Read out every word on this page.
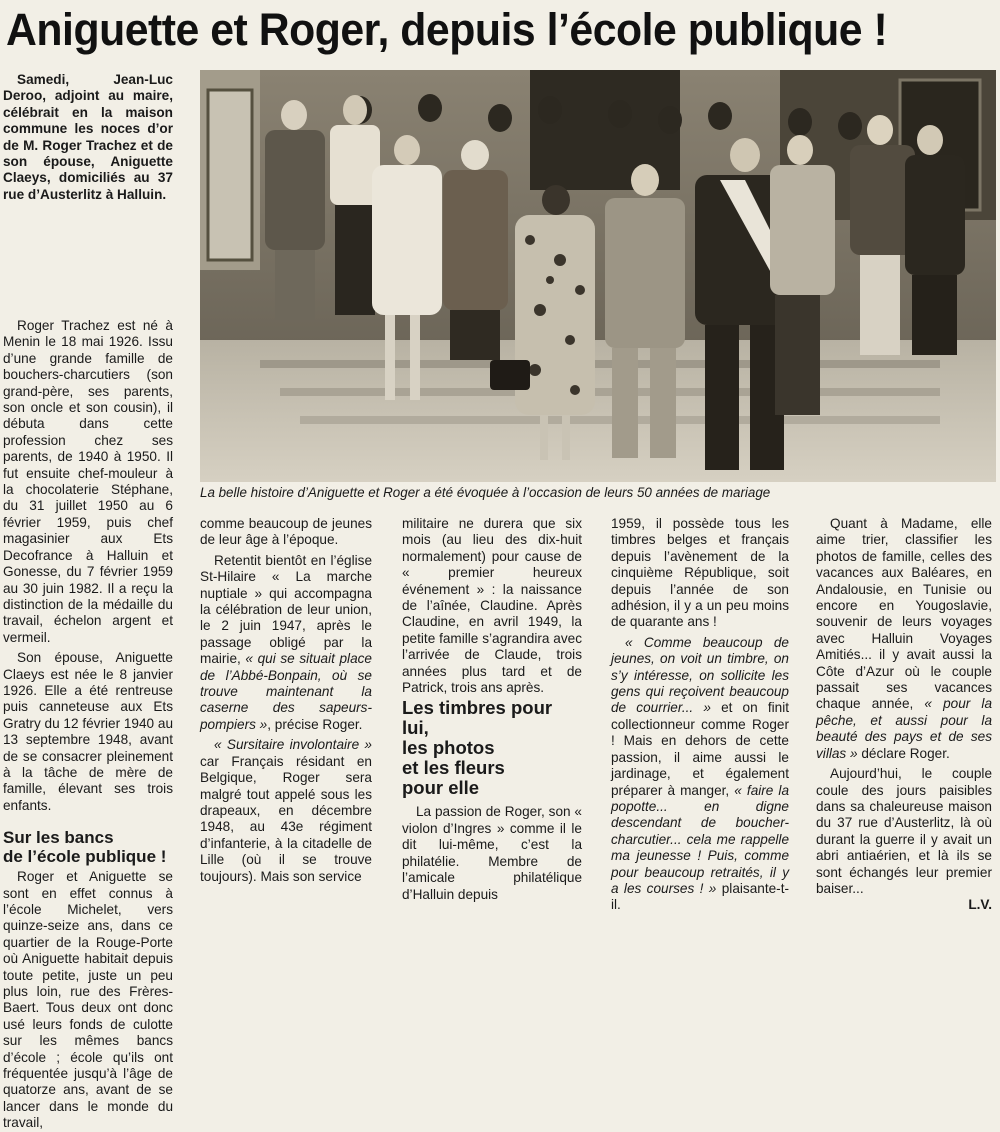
Aniguette et Roger, depuis l’école publique !

Samedi, Jean-Luc Deroo, adjoint au maire, célébrait en la maison commune les noces d’or de M. Roger Trachez et de son épouse, Aniguette Claeys, domiciliés au 37 rue d’Austerlitz à Halluin.

La belle histoire d’Aniguette et Roger a été évoquée à l’occasion de leurs 50 années de mariage

Roger Trachez est né à Menin le 18 mai 1926. Issu d’une grande famille de bouchers-charcutiers (son grand-père, ses parents, son oncle et son cousin), il débuta dans cette profession chez ses parents, de 1940 à 1950. Il fut ensuite chef-mouleur à la chocolaterie Stéphane, du 31 juillet 1950 au 6 février 1959, puis chef magasinier aux Ets Decofrance à Halluin et Gonesse, du 7 février 1959 au 30 juin 1982. Il a reçu la distinction de la médaille du travail, échelon argent et vermeil.

Son épouse, Aniguette Claeys est née le 8 janvier 1926. Elle a été rentreuse puis canneteuse aux Ets Gratry du 12 février 1940 au 13 septembre 1948, avant de se consacrer pleinement à la tâche de mère de famille, élevant ses trois enfants.

Sur les bancs
de l’école publique !

Roger et Aniguette se sont en effet connus à l’école Michelet, vers quinze-seize ans, dans ce quartier de la Rouge-Porte où Aniguette habitait depuis toute petite, juste un peu plus loin, rue des Frères-Baert. Tous deux ont donc usé leurs fonds de culotte sur les mêmes bancs d’école ; école qu’ils ont fréquentée jusqu’à l’âge de quatorze ans, avant de se lancer dans le monde du travail,

comme beaucoup de jeunes de leur âge à l’époque.

Retentit bientôt en l’église St-Hilaire « La marche nuptiale » qui accompagna la célébration de leur union, le 2 juin 1947, après le passage obligé par la mairie, « qui se situait place de l’Abbé-Bonpain, où se trouve maintenant la caserne des sapeurs-pompiers », précise Roger.

« Sursitaire involontaire » car Français résidant en Belgique, Roger sera malgré tout appelé sous les drapeaux, en décembre 1948, au 43e régiment d’infanterie, à la citadelle de Lille (où il se trouve toujours). Mais son service

militaire ne durera que six mois (au lieu des dix-huit normalement) pour cause de « premier heureux événement » : la naissance de l’aînée, Claudine. Après Claudine, en avril 1949, la petite famille s’agrandira avec l’arrivée de Claude, trois années plus tard et de Patrick, trois ans après.

Les timbres pour lui,
les photos
et les fleurs
pour elle

La passion de Roger, son « violon d’Ingres » comme il le dit lui-même, c’est la philatélie. Membre de l’amicale philatélique d’Halluin depuis

1959, il possède tous les timbres belges et français depuis l’avènement de la cinquième République, soit depuis l’année de son adhésion, il y a un peu moins de quarante ans !

« Comme beaucoup de jeunes, on voit un timbre, on s’y intéresse, on sollicite les gens qui reçoivent beaucoup de courrier... » et on finit collectionneur comme Roger ! Mais en dehors de cette passion, il aime aussi le jardinage, et également préparer à manger, « faire la popotte... en digne descendant de boucher-charcutier... cela me rappelle ma jeunesse ! Puis, comme pour beaucoup retraités, il y a les courses ! » plaisante-t-il.

Quant à Madame, elle aime trier, classifier les photos de famille, celles des vacances aux Baléares, en Andalousie, en Tunisie ou encore en Yougoslavie, souvenir de leurs voyages avec Halluin Voyages Amitiés... il y avait aussi la Côte d’Azur où le couple passait ses vacances chaque année, « pour la pêche, et aussi pour la beauté des pays et de ses villas » déclare Roger.

Aujourd’hui, le couple coule des jours paisibles dans sa chaleureuse maison du 37 rue d’Austerlitz, là où durant la guerre il y avait un abri antiaérien, et là ils se sont échangés leur premier baiser...

L.V.
